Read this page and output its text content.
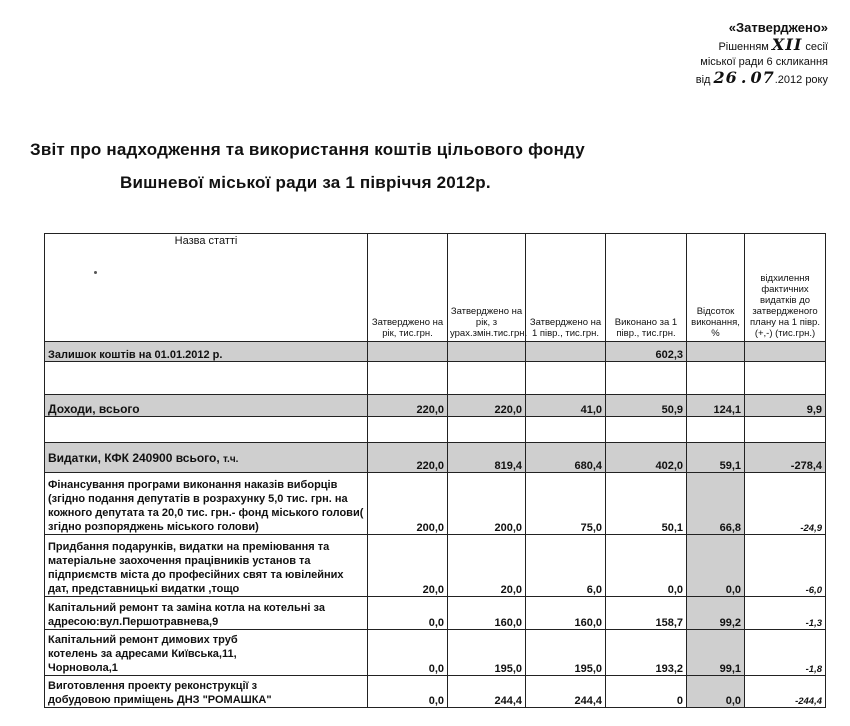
«Затверджено»
Рішенням XII сесії
міської ради 6 скликання
від 26 . 07.2012 року
Звіт про надходження та використання коштів цільового фонду
Вишневої міської ради за 1 півріччя 2012р.
Назва статті	Затверджено на рік, тис.грн.	Затверджено на рік, з урах.змін.тис.грн.	Затверджено на 1 півр., тис.грн.	Виконано за 1 півр., тис.грн.	Відсоток виконання, %	відхилення фактичних видатків до затвердженого плану на 1 півр. (+,-) (тис.грн.)
Залишок коштів на 01.01.2012 р.				602,3		

Доходи, всього	220,0	220,0	41,0	50,9	124,1	9,9

Видатки, КФК 240900 всього, т.ч.	220,0	819,4	680,4	402,0	59,1	-278,4
Фінансування програми виконання наказів виборців (згідно подання депутатів в розрахунку 5,0 тис. грн. на кожного депутата та 20,0 тис. грн.- фонд міського голови( згідно розпоряджень міського голови)	200,0	200,0	75,0	50,1	66,8	-24,9
Придбання подарунків, видатки на преміювання та матеріальне заохочення працівників установ та підприємств міста до професійних свят та ювілейних дат, представницькі видатки ,тощо	20,0	20,0	6,0	0,0	0,0	-6,0
Капітальний ремонт та заміна котла на котельні за адресою:вул.Першотравнева,9	0,0	160,0	160,0	158,7	99,2	-1,3
Капітальний ремонт димових труб котелень за адресами Київська,11, Чорновола,1	0,0	195,0	195,0	193,2	99,1	-1,8
Виготовлення проекту реконструкції з добудовою приміщень ДНЗ "РОМАШКА"	0,0	244,4	244,4	0	0,0	-244,4
